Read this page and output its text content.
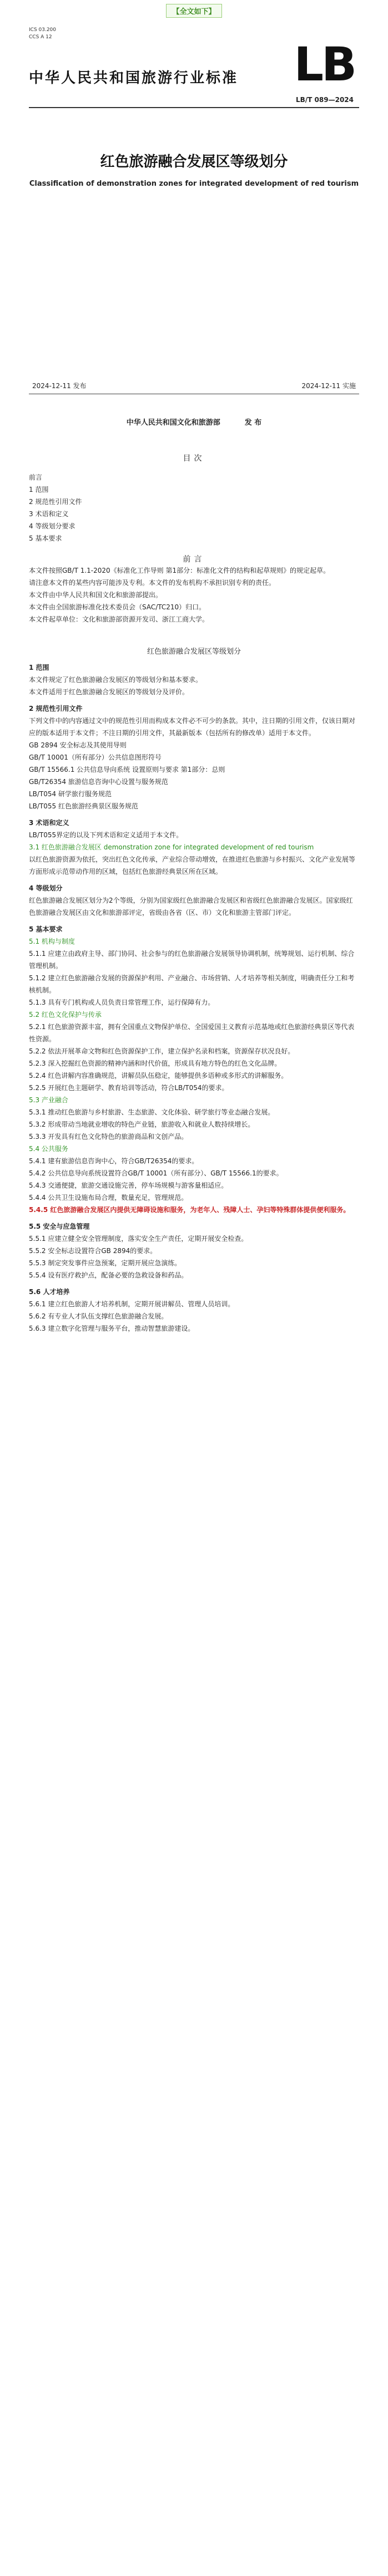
【全文如下】
ICS 03.200
CCS A 12	LB
中华人民共和国旅游行业标准
LB/T 089—2024
红色旅游融合发展区等级划分
Classification of demonstration zones for integrated development of red tourism
2024-12-11 发布	2024-12-11 实施
中华人民共和国文化和旅游部	发 布
目次
前言
1 范围
2 规范性引用文件
3 术语和定义
4 等级划分要求
5 基本要求
前言
本文件按照GB/T 1.1-2020《标准化工作导则 第1部分：标准化文件的结构和起草规则》的规定起草。
请注意本文件的某些内容可能涉及专利。本文件的发布机构不承担识别专利的责任。
本文件由中华人民共和国文化和旅游部提出。
本文件由全国旅游标准化技术委员会（SAC/TC210）归口。
本文件起草单位：文化和旅游部资源开发司、浙江工商大学。
红色旅游融合发展区等级划分
1 范围
本文件规定了红色旅游融合发展区的等级划分和基本要求。
本文件适用于红色旅游融合发展区的等级划分及评价。
2 规范性引用文件
下列文件中的内容通过文中的规范性引用而构成本文件必不可少的条款。其中，注日期的引用文件，仅该日期对应的版本适用于本文件；不注日期的引用文件，其最新版本（包括所有的修改单）适用于本文件。
GB 2894 安全标志及其使用导则
GB/T 10001（所有部分）公共信息图形符号
GB/T 15566.1 公共信息导向系统 设置原则与要求 第1部分：总则
GB/T26354 旅游信息咨询中心设置与服务规范
LB/T054 研学旅行服务规范
LB/T055 红色旅游经典景区服务规范
3 术语和定义
LB/T055界定的以及下列术语和定义适用于本文件。
3.1 红色旅游融合发展区 demonstration zone for integrated development of red tourism
以红色旅游资源为依托，突出红色文化传承，产业综合带动增效，在推进红色旅游与乡村振兴、文化产业发展等方面形成示范带动作用的区域，包括红色旅游经典景区所在区域。
4 等级划分
红色旅游融合发展区划分为2个等级，分别为国家级红色旅游融合发展区和省级红色旅游融合发展区。国家级红色旅游融合发展区由文化和旅游部评定，省级由各省（区、市）文化和旅游主管部门评定。
5 基本要求
5.1 机构与制度
5.1.1 应建立由政府主导、部门协同、社会参与的红色旅游融合发展领导协调机制，统筹规划、运行机制、综合管理机制。
5.1.2 建立红色旅游融合发展的资源保护利用、产业融合、市场营销、人才培养等相关制度，明确责任分工和考核机制。
5.1.3 具有专门机构或人员负责日常管理工作，运行保障有力。
5.2 红色文化保护与传承
5.2.1 红色旅游资源丰富，拥有全国重点文物保护单位、全国爱国主义教育示范基地或红色旅游经典景区等代表性资源。
5.2.2 依法开展革命文物和红色资源保护工作，建立保护名录和档案，资源保存状况良好。
5.2.3 深入挖掘红色资源的精神内涵和时代价值，形成具有地方特色的红色文化品牌。
5.2.4 红色讲解内容准确规范，讲解员队伍稳定，能够提供多语种或多形式的讲解服务。
5.2.5 开展红色主题研学、教育培训等活动，符合LB/T054的要求。
5.3 产业融合
5.3.1 推动红色旅游与乡村旅游、生态旅游、文化体验、研学旅行等业态融合发展。
5.3.2 形成带动当地就业增收的特色产业链，旅游收入和就业人数持续增长。
5.3.3 开发具有红色文化特色的旅游商品和文创产品。
5.4 公共服务
5.4.1 建有旅游信息咨询中心，符合GB/T26354的要求。
5.4.2 公共信息导向系统设置符合GB/T 10001（所有部分）、GB/T 15566.1的要求。
5.4.3 交通便捷，旅游交通设施完善，停车场规模与游客量相适应。
5.4.4 公共卫生设施布局合理，数量充足，管理规范。
5.4.5 红色旅游融合发展区内提供无障碍设施和服务，为老年人、残障人士、孕妇等特殊群体提供便利服务。
5.5 安全与应急管理
5.5.1 应建立健全安全管理制度，落实安全生产责任，定期开展安全检查。
5.5.2 安全标志设置符合GB 2894的要求。
5.5.3 制定突发事件应急预案，定期开展应急演练。
5.5.4 设有医疗救护点，配备必要的急救设备和药品。
5.6 人才培养
5.6.1 建立红色旅游人才培养机制，定期开展讲解员、管理人员培训。
5.6.2 有专业人才队伍支撑红色旅游融合发展。
5.6.3 建立数字化管理与服务平台，推动智慧旅游建设。
